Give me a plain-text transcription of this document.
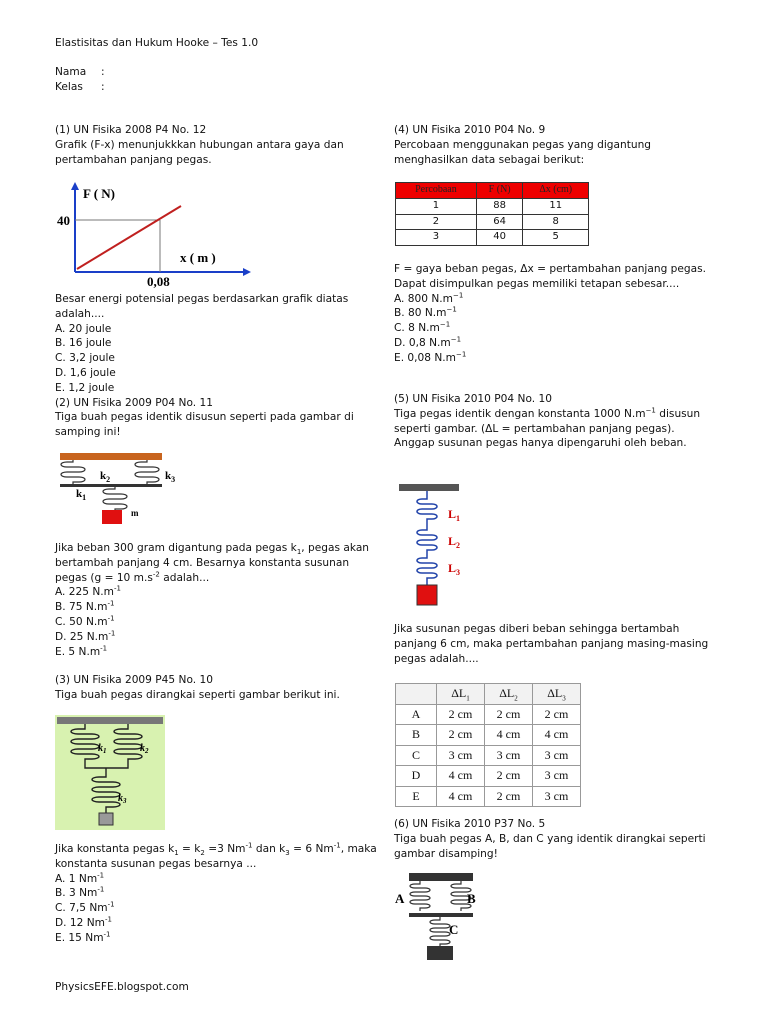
Elastisitas dan Hukum Hooke – Tes 1.0
Nama :
Kelas :

(1) UN Fisika 2008 P4 No. 12

Grafik (F-x) menunjukkkan hubungan antara gaya dan pertambahan panjang pegas.

F ( N)
40
x ( m )
0,08

Besar energi potensial pegas berdasarkan grafik diatas adalah....

A. 20 joule

B. 16 joule

C. 3,2 joule

D. 1,6 joule

E. 1,2 joule

(2) UN Fisika 2009 P04 No. 11

Tiga buah pegas identik disusun seperti pada gambar di samping ini!

$k_2$	$k_3$
$k_1$
m

Jika beban 300 gram digantung pada pegas $k_1$, pegas akan bertambah panjang 4 cm. Besarnya konstanta susunan pegas (g = 10 $m.s^{-2}$ adalah...

A. 225 $N.m^{-1}$

B. 75 $N.m^{-1}$

C. 50 $N.m^{-1}$

D. 25 $N.m^{-1}$

E. 5 $N.m^{-1}$

(3) UN Fisika 2009 P45 No. 10

Tiga buah pegas dirangkai seperti gambar berikut ini.

$k_1$	$k_2$
$k_3$

Jika konstanta pegas $k_1 = k_2 =3$ $Nm^{-1}$ dan $k_3 = 6$ $Nm^{-1}$, maka konstanta susunan pegas besarnya ...

A. 1 $Nm^{-1}$

B. 3 $Nm^{-1}$

C. 7,5 $Nm^{-1}$

D. 12 $Nm^{-1}$

E. 15 $Nm^{-1}$

PhysicsEFE.blogspot.com

(4) UN Fisika 2010 P04 No. 9

Percobaan menggunakan pegas yang digantung menghasilkan data sebagai berikut:

Percobaan	F (N)	Δx (cm)
1	88	11
2	64	8
3	40	5

F = gaya beban pegas, Δx = pertambahan panjang pegas. Dapat disimpulkan pegas memiliki tetapan sebesar....

A. 800 $N.m^{-1}$

B. 80 $N.m^{-1}$

C. 8 $N.m^{-1}$

D. 0,8 $N.m^{-1}$

E. 0,08 $N.m^{-1}$

(5) UN Fisika 2010 P04 No. 10

Tiga pegas identik dengan konstanta 1000 $N.m^{-1}$ disusun seperti gambar. (ΔL = pertambahan panjang pegas). Anggap susunan pegas hanya dipengaruhi oleh beban.

$L_1$
$L_2$
$L_3$

Jika susunan pegas diberi beban sehingga bertambah panjang 6 cm, maka pertambahan panjang masing-masing pegas adalah....

	$\Delta L_1$	$\Delta L_2$	$\Delta L_3$
A	2 cm	2 cm	2 cm
B	2 cm	4 cm	4 cm
C	3 cm	3 cm	3 cm
D	4 cm	2 cm	3 cm
E	4 cm	2 cm	3 cm

(6) UN Fisika 2010 P37 No. 5

Tiga buah pegas A, B, dan C yang identik dirangkai seperti gambar disamping!

A	B
C
